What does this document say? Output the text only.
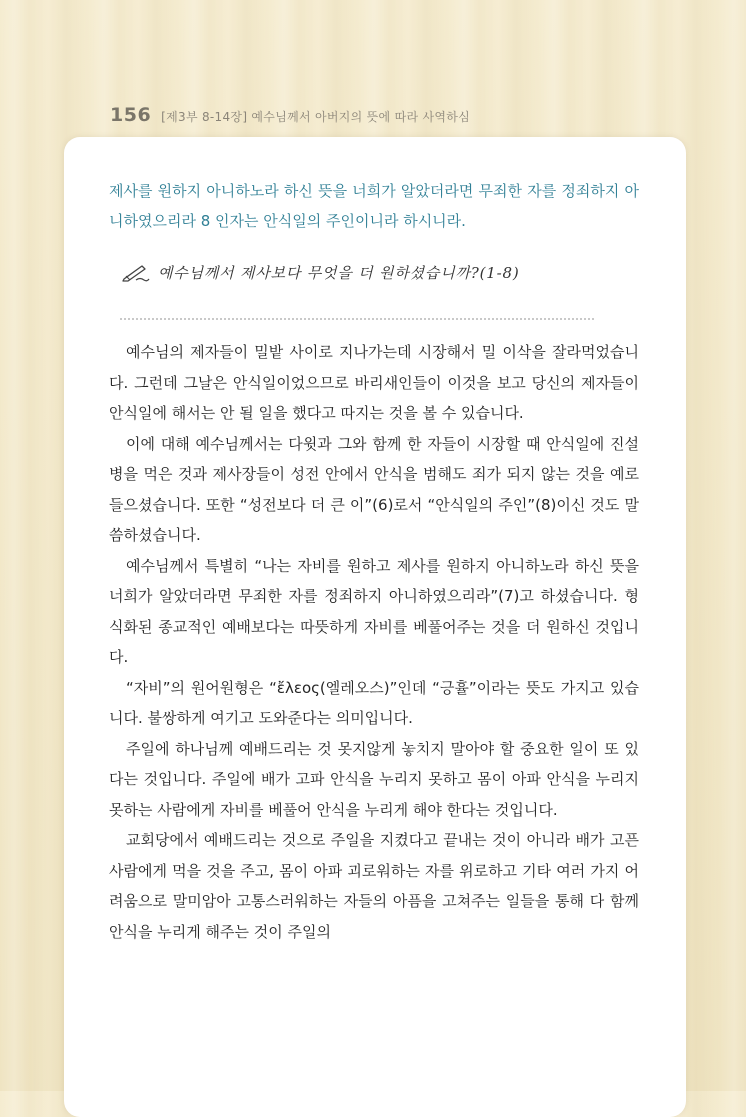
156 [제3부 8-14장] 예수님께서 아버지의 뜻에 따라 사역하심
제사를 원하지 아니하노라 하신 뜻을 너희가 알았더라면 무죄한 자를 정죄하지 아니하였으리라 8 인자는 안식일의 주인이니라 하시니라.
예수님께서 제사보다 무엇을 더 원하셨습니까?(1-8)

예수님의 제자들이 밀밭 사이로 지나가는데 시장해서 밀 이삭을 잘라먹었습니다. 그런데 그날은 안식일이었으므로 바리새인들이 이것을 보고 당신의 제자들이 안식일에 해서는 안 될 일을 했다고 따지는 것을 볼 수 있습니다.

이에 대해 예수님께서는 다윗과 그와 함께 한 자들이 시장할 때 안식일에 진설병을 먹은 것과 제사장들이 성전 안에서 안식을 범해도 죄가 되지 않는 것을 예로 들으셨습니다. 또한 “성전보다 더 큰 이”(6)로서 “안식일의 주인”(8)이신 것도 말씀하셨습니다.

예수님께서 특별히 “나는 자비를 원하고 제사를 원하지 아니하노라 하신 뜻을 너희가 알았더라면 무죄한 자를 정죄하지 아니하였으리라”(7)고 하셨습니다. 형식화된 종교적인 예배보다는 따뜻하게 자비를 베풀어주는 것을 더 원하신 것입니다.

“자비”의 원어원형은 “ἔλεος(엘레오스)”인데 “긍휼”이라는 뜻도 가지고 있습니다. 불쌍하게 여기고 도와준다는 의미입니다.

주일에 하나님께 예배드리는 것 못지않게 놓치지 말아야 할 중요한 일이 또 있다는 것입니다. 주일에 배가 고파 안식을 누리지 못하고 몸이 아파 안식을 누리지 못하는 사람에게 자비를 베풀어 안식을 누리게 해야 한다는 것입니다.

교회당에서 예배드리는 것으로 주일을 지켰다고 끝내는 것이 아니라 배가 고픈 사람에게 먹을 것을 주고, 몸이 아파 괴로워하는 자를 위로하고 기타 여러 가지 어려움으로 말미암아 고통스러워하는 자들의 아픔을 고쳐주는 일들을 통해 다 함께 안식을 누리게 해주는 것이 주일의
